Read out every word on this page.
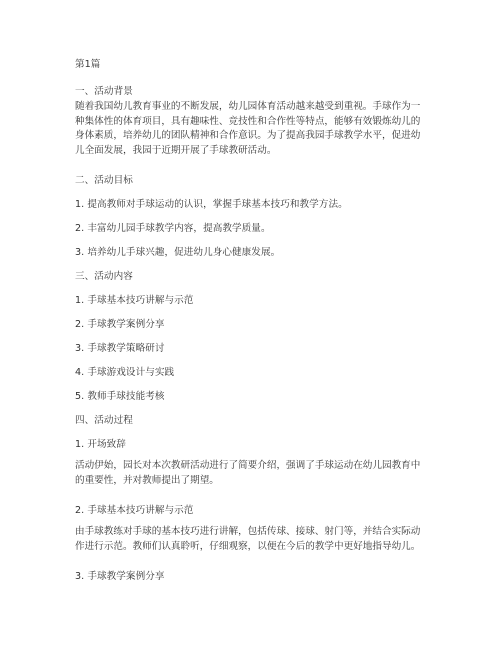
第1篇
一、活动背景
随着我国幼儿教育事业的不断发展，幼儿园体育活动越来越受到重视。手球作为一
种集体性的体育项目，具有趣味性、竞技性和合作性等特点，能够有效锻炼幼儿的
身体素质，培养幼儿的团队精神和合作意识。为了提高我园手球教学水平，促进幼
儿全面发展，我园于近期开展了手球教研活动。
二、活动目标
1. 提高教师对手球运动的认识，掌握手球基本技巧和教学方法。
2. 丰富幼儿园手球教学内容，提高教学质量。
3. 培养幼儿手球兴趣，促进幼儿身心健康发展。
三、活动内容
1. 手球基本技巧讲解与示范
2. 手球教学案例分享
3. 手球教学策略研讨
4. 手球游戏设计与实践
5. 教师手球技能考核
四、活动过程
1. 开场致辞
活动伊始，园长对本次教研活动进行了简要介绍，强调了手球运动在幼儿园教育中
的重要性，并对教师提出了期望。
2. 手球基本技巧讲解与示范
由手球教练对手球的基本技巧进行讲解，包括传球、接球、射门等，并结合实际动
作进行示范。教师们认真聆听，仔细观察，以便在今后的教学中更好地指导幼儿。
3. 手球教学案例分享
